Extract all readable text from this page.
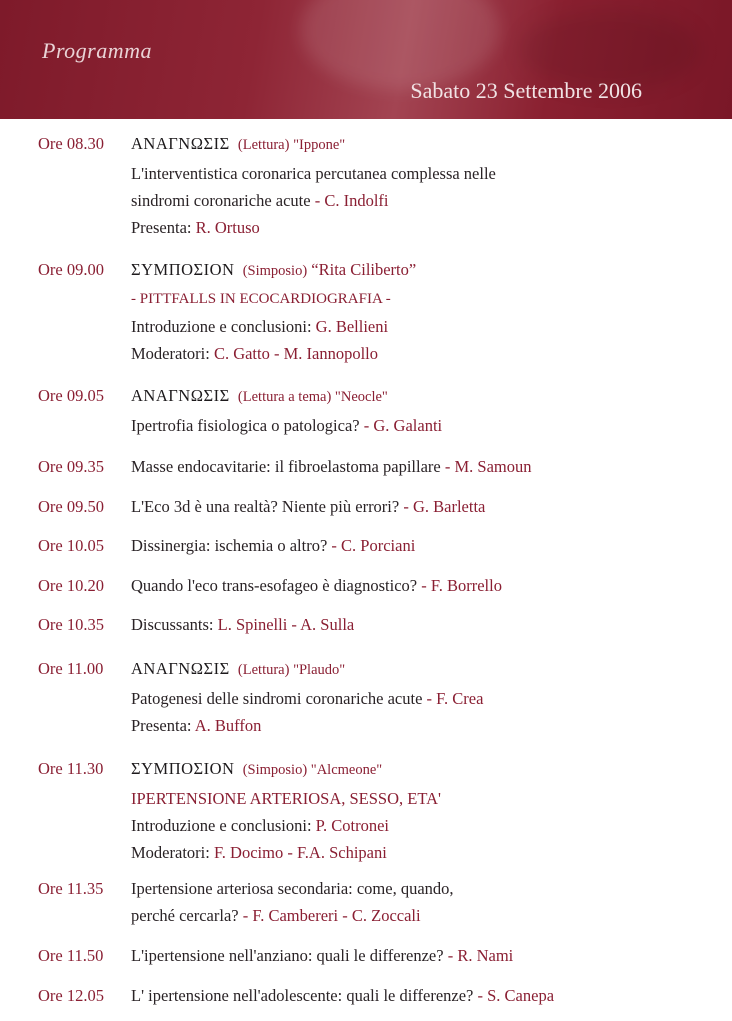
Programma
Sabato 23 Settembre 2006
Ore 08.30	ΑΝΑΓΝΩΣΙΣ (Lettura) "Ippone"
L'interventistica coronarica percutanea complessa nelle
sindromi coronariche acute - C. Indolfi
Presenta: R. Ortuso
Ore 09.00	ΣΥΜΠΟΣΙΟΝ (Simposio) “Rita Ciliberto”
- PITTFALLS IN ECOCARDIOGRAFIA -
Introduzione e conclusioni: G. Bellieni
Moderatori: C. Gatto - M. Iannopollo
Ore 09.05	ΑΝΑΓΝΩΣΙΣ (Lettura a tema) "Neocle"
Ipertrofia fisiologica o patologica? - G. Galanti
Ore 09.35	Masse endocavitarie: il fibroelastoma papillare - M. Samoun
Ore 09.50	L'Eco 3d è una realtà? Niente più errori? - G. Barletta
Ore 10.05	Dissinergia: ischemia o altro? - C. Porciani
Ore 10.20	Quando l'eco trans-esofageo è diagnostico? - F. Borrello
Ore 10.35	Discussants: L. Spinelli - A. Sulla
Ore 11.00	ΑΝΑΓΝΩΣΙΣ (Lettura) "Plaudo"
Patogenesi delle sindromi coronariche acute - F. Crea
Presenta: A. Buffon
Ore 11.30	ΣΥΜΠΟΣΙΟΝ (Simposio) "Alcmeone"
IPERTENSIONE ARTERIOSA, SESSO, ETA'
Introduzione e conclusioni: P. Cotronei
Moderatori: F. Docimo - F.A. Schipani
Ore 11.35	Ipertensione arteriosa secondaria: come, quando,
perché cercarla? - F. Cambereri - C. Zoccali
Ore 11.50	L'ipertensione nell'anziano: quali le differenze? - R. Nami
Ore 12.05	L' ipertensione nell'adolescente: quali le differenze? - S. Canepa
